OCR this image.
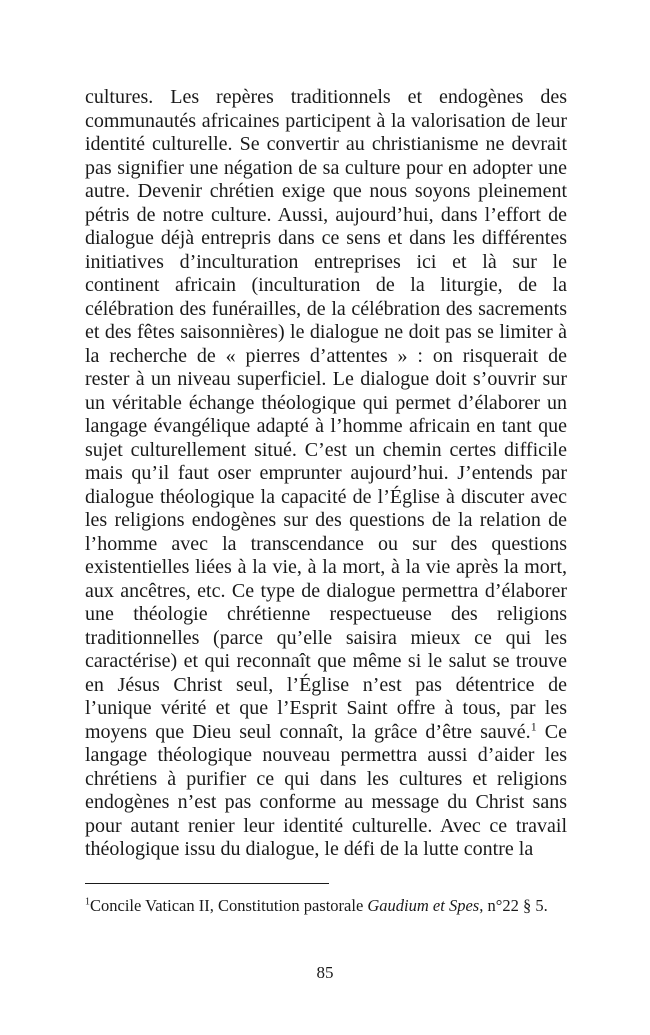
cultures. Les repères traditionnels et endogènes des communautés africaines participent à la valorisation de leur identité culturelle. Se convertir au christianisme ne devrait pas signifier une négation de sa culture pour en adopter une autre. Devenir chrétien exige que nous soyons pleinement pétris de notre culture. Aussi, aujourd’hui, dans l’effort de dialogue déjà entrepris dans ce sens et dans les différentes initiatives d’inculturation entreprises ici et là sur le continent africain (inculturation de la liturgie, de la célébration des funérailles, de la célébration des sacrements et des fêtes saisonnières) le dialogue ne doit pas se limiter à la recherche de « pierres d’attentes » : on risquerait de rester à un niveau superficiel. Le dialogue doit s’ouvrir sur un véritable échange théologique qui permet d’élaborer un langage évangélique adapté à l’homme africain en tant que sujet culturellement situé. C’est un chemin certes difficile mais qu’il faut oser emprunter aujourd’hui. J’entends par dialogue théologique la capacité de l’Église à discuter avec les religions endogènes sur des questions de la relation de l’homme avec la transcendance ou sur des questions existentielles liées à la vie, à la mort, à la vie après la mort, aux ancêtres, etc. Ce type de dialogue permettra d’élaborer une théologie chrétienne respectueuse des religions traditionnelles (parce qu’elle saisira mieux ce qui les caractérise) et qui reconnaît que même si le salut se trouve en Jésus Christ seul, l’Église n’est pas détentrice de l’unique vérité et que l’Esprit Saint offre à tous, par les moyens que Dieu seul connaît, la grâce d’être sauvé.$^1$ Ce langage théologique nouveau permettra aussi d’aider les chrétiens à purifier ce qui dans les cultures et religions endogènes n’est pas conforme au message du Christ sans pour autant renier leur identité culturelle. Avec ce travail théologique issu du dialogue, le défi de la lutte contre la

$^1$Concile Vatican II, Constitution pastorale Gaudium et Spes, n°22 § 5.
85
